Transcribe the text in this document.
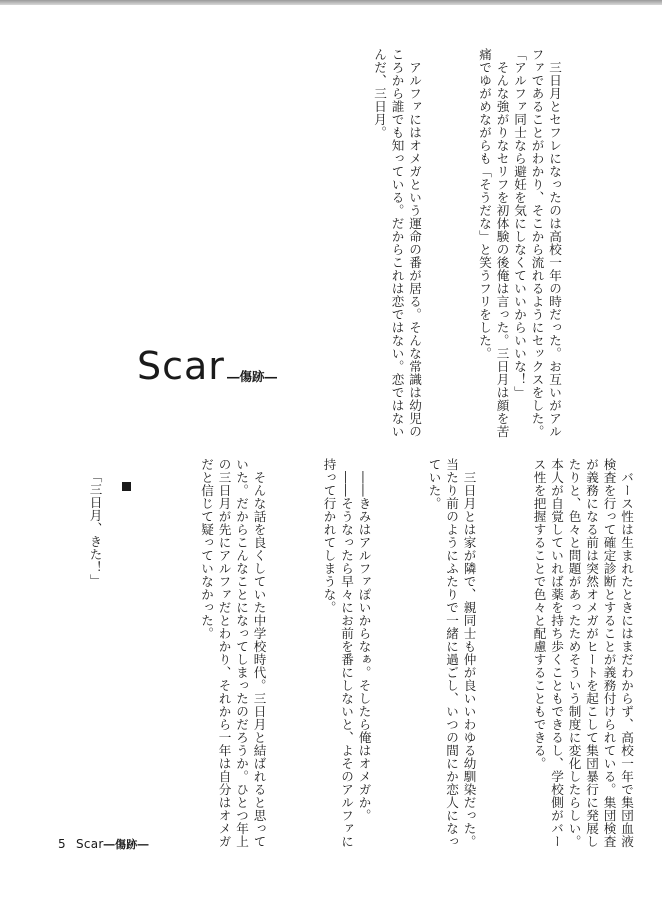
　三日月とセフレになったのは高校一年の時だった。お互いがアル
ファであることがわかり、そこから流れるようにセックスをした。
「アルファ同士なら避妊を気にしなくていいからいいな！」
　そんな強がりなセリフを初体験の後俺は言った。三日月は顔を苦
痛でゆがめながらも「そうだな」と笑うフリをした。

　アルファにはオメガという運命の番が居る。そんな常識は幼児の
ころから誰でも知っている。だからこれは恋ではない。恋ではない
んだ、三日月。

Scar ―傷跡―

　バース性は生まれたときにはまだわからず、高校一年で集団血液
検査を行って確定診断とすることが義務付けられている。集団検査
が義務になる前は突然オメガがヒートを起こして集団暴行に発展し
たりと、色々と問題があったためそういう制度に変化したらしい。
本人が自覚していれば薬を持ち歩くこともできるし、学校側がバー
ス性を把握することで色々と配慮することもできる。

　三日月とは家が隣で、親同士も仲が良いいわゆる幼馴染だった。
当たり前のようにふたりで一緒に過ごし、いつの間にか恋人になっ
ていた。

　――きみはアルファぽいからなぁ。そしたら俺はオメガか。
　――そうなったら早々にお前を番にしないと、よそのアルファに
持って行かれてしまうな。

　そんな話を良くしていた中学校時代。三日月と結ばれると思って
いた。だからこんなことになってしまったのだろうか。ひとつ年上
の三日月が先にアルファだとわかり、それから一年は自分はオメガ
だと信じて疑っていなかった。

「三日月、きた！」
5 Scar―傷跡―
